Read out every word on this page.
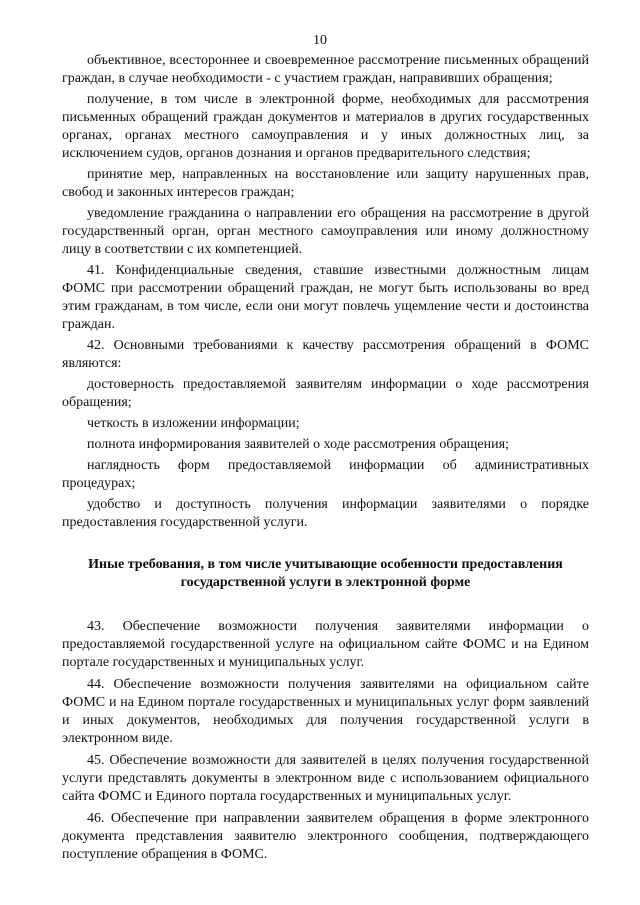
10

объективное, всестороннее и своевременное рассмотрение письменных обращений граждан, в случае необходимости - с участием граждан, направивших обращения;

получение, в том числе в электронной форме, необходимых для рассмотрения письменных обращений граждан документов и материалов в других государственных органах, органах местного самоуправления и у иных должностных лиц, за исключением судов, органов дознания и органов предварительного следствия;

принятие мер, направленных на восстановление или защиту нарушенных прав, свобод и законных интересов граждан;

уведомление гражданина о направлении его обращения на рассмотрение в другой государственный орган, орган местного самоуправления или иному должностному лицу в соответствии с их компетенцией.

41. Конфиденциальные сведения, ставшие известными должностным лицам ФОМС при рассмотрении обращений граждан, не могут быть использованы во вред этим гражданам, в том числе, если они могут повлечь ущемление чести и достоинства граждан.

42. Основными требованиями к качеству рассмотрения обращений в ФОМС являются:

достоверность предоставляемой заявителям информации о ходе рассмотрения обращения;

четкость в изложении информации;

полнота информирования заявителей о ходе рассмотрения обращения;

наглядность форм предоставляемой информации об административных процедурах;

удобство и доступность получения информации заявителями о порядке предоставления государственной услуги.

Иные требования, в том числе учитывающие особенности предоставления
государственной услуги в электронной форме

43. Обеспечение возможности получения заявителями информации о предоставляемой государственной услуге на официальном сайте ФОМС и на Едином портале государственных и муниципальных услуг.

44. Обеспечение возможности получения заявителями на официальном сайте ФОМС и на Едином портале государственных и муниципальных услуг форм заявлений и иных документов, необходимых для получения государственной услуги в электронном виде.

45. Обеспечение возможности для заявителей в целях получения государственной услуги представлять документы в электронном виде с использованием официального сайта ФОМС и Единого портала государственных и муниципальных услуг.

46. Обеспечение при направлении заявителем обращения в форме электронного документа представления заявителю электронного сообщения, подтверждающего поступление обращения в ФОМС.
